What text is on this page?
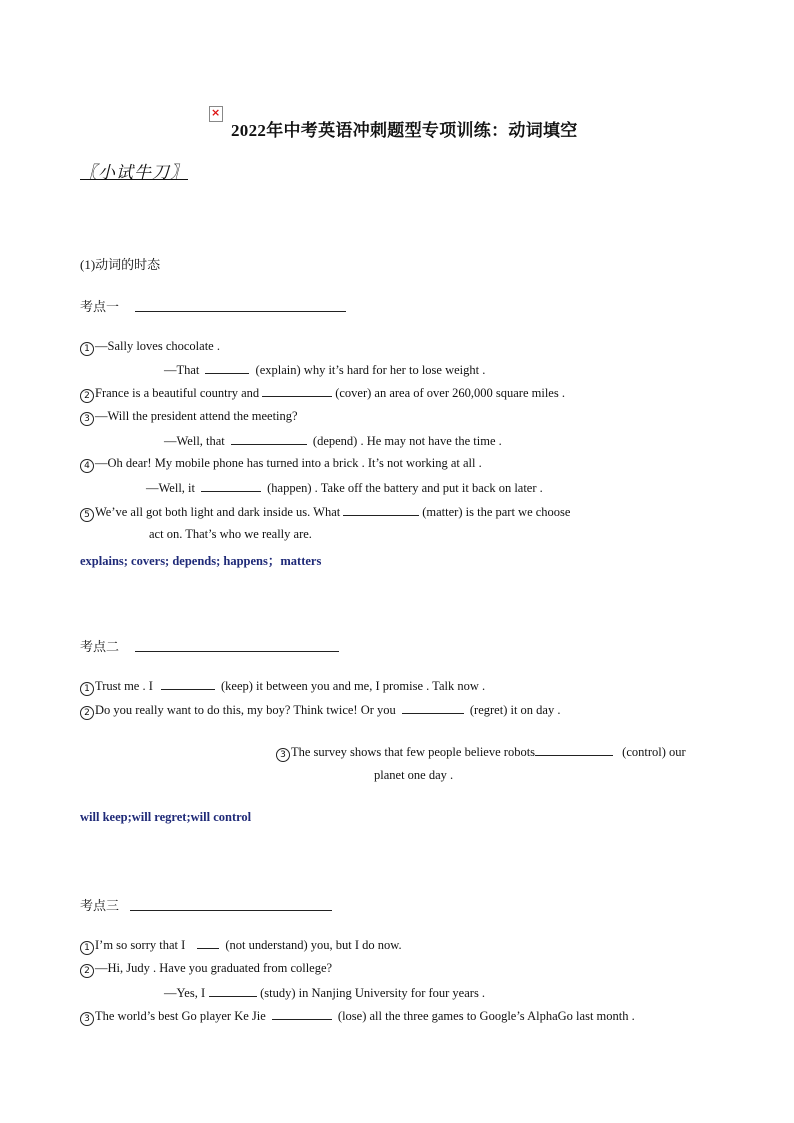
×
2022年中考英语冲刺题型专项训练：动词填空
〖小试牛刀〗
(1)动词的时态
考点一
1 —Sally loves chocolate .
—That	(explain) why it’s hard for her to lose weight .
2 France is a beautiful country and	(cover) an area of over 260,000 square miles .
3 —Will the president attend the meeting?
—Well, that	(depend) . He may not have the time .
4 —Oh dear! My mobile phone has turned into a brick . It’s not working at all .
—Well, it	(happen) . Take off the battery and put it back on later .
5 We’ve all got both light and dark inside us. What	(matter) is the part we choose
act on. That’s who we really are.
explains; covers; depends; happens；matters
考点二
1 Trust me . I	(keep) it between you and me, I promise . Talk now .
2 Do you really want to do this, my boy? Think twice! Or you	(regret) it on day .
3 The survey shows that few people believe robots	(control) our
planet one day .
will keep;will regret;will control
考点三
1 I’m so sorry that I	(not understand) you, but I do now.
2 —Hi, Judy . Have you graduated from college?
—Yes, I	(study) in Nanjing University for four years .
3 The world’s best Go player Ke Jie	(lose) all the three games to Google’s AlphaGo last month .
